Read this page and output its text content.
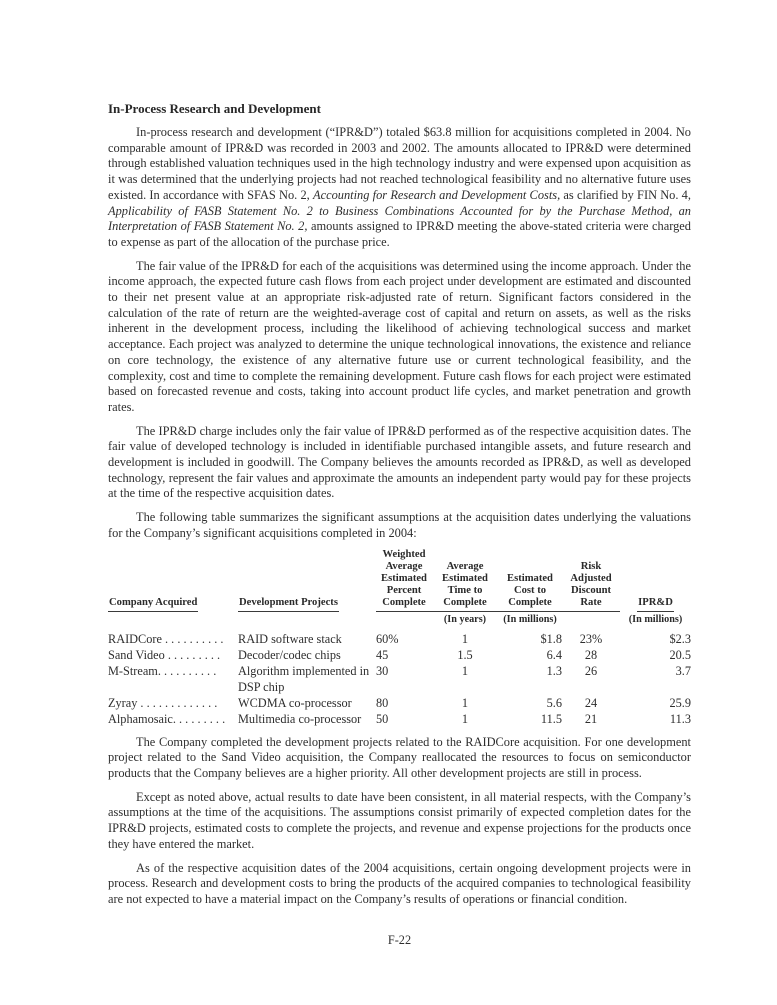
In-Process Research and Development

In-process research and development (“IPR&D”) totaled $63.8 million for acquisitions completed in 2004. No comparable amount of IPR&D was recorded in 2003 and 2002. The amounts allocated to IPR&D were determined through established valuation techniques used in the high technology industry and were expensed upon acquisition as it was determined that the underlying projects had not reached technological feasibility and no alternative future uses existed. In accordance with SFAS No. 2, Accounting for Research and Development Costs, as clarified by FIN No. 4, Applicability of FASB Statement No. 2 to Business Combinations Accounted for by the Purchase Method, an Interpretation of FASB Statement No. 2, amounts assigned to IPR&D meeting the above-stated criteria were charged to expense as part of the allocation of the purchase price.

The fair value of the IPR&D for each of the acquisitions was determined using the income approach. Under the income approach, the expected future cash flows from each project under development are estimated and discounted to their net present value at an appropriate risk-adjusted rate of return. Significant factors considered in the calculation of the rate of return are the weighted-average cost of capital and return on assets, as well as the risks inherent in the development process, including the likelihood of achieving technological success and market acceptance. Each project was analyzed to determine the unique technological innovations, the existence and reliance on core technology, the existence of any alternative future use or current technological feasibility, and the complexity, cost and time to complete the remaining development. Future cash flows for each project were estimated based on forecasted revenue and costs, taking into account product life cycles, and market penetration and growth rates.

The IPR&D charge includes only the fair value of IPR&D performed as of the respective acquisition dates. The fair value of developed technology is included in identifiable purchased intangible assets, and future research and development is included in goodwill. The Company believes the amounts recorded as IPR&D, as well as developed technology, represent the fair values and approximate the amounts an independent party would pay for these projects at the time of the respective acquisition dates.

The following table summarizes the significant assumptions at the acquisition dates underlying the valuations for the Company’s significant acquisitions completed in 2004:

Company Acquired	Development Projects	Weighted Average Estimated Percent Complete	Average Estimated Time to Complete	Estimated Cost to Complete	Risk Adjusted Discount Rate	IPR&D
			(In years)	(In millions)		(In millions)
RAIDCore . . . . . . . . . .	RAID software stack	60%	1	$1.8	23%	$2.3
Sand Video . . . . . . . . .	Decoder/codec chips	45	1.5	6.4	28	20.5
M-Stream. . . . . . . . . .	Algorithm implemented in DSP chip	30	1	1.3	26	3.7
Zyray . . . . . . . . . . . . .	WCDMA co-processor	80	1	5.6	24	25.9
Alphamosaic. . . . . . . . .	Multimedia co-processor	50	1	11.5	21	11.3

The Company completed the development projects related to the RAIDCore acquisition. For one development project related to the Sand Video acquisition, the Company reallocated the resources to focus on semiconductor products that the Company believes are a higher priority. All other development projects are still in process.

Except as noted above, actual results to date have been consistent, in all material respects, with the Company’s assumptions at the time of the acquisitions. The assumptions consist primarily of expected completion dates for the IPR&D projects, estimated costs to complete the projects, and revenue and expense projections for the products once they have entered the market.

As of the respective acquisition dates of the 2004 acquisitions, certain ongoing development projects were in process. Research and development costs to bring the products of the acquired companies to technological feasibility are not expected to have a material impact on the Company’s results of operations or financial condition.

F-22
